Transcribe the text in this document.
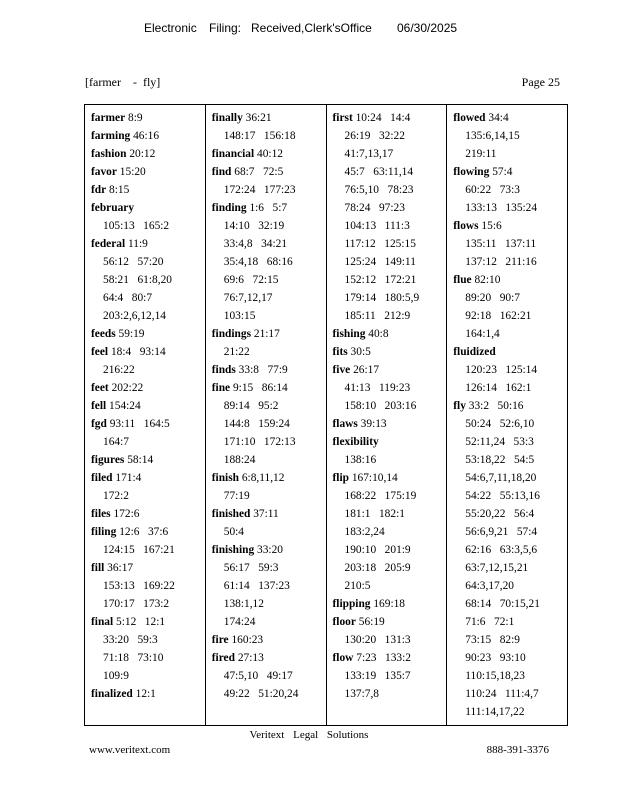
Electronic Filing: Received,Clerk'sOffice 06/30/2025
[farmer    -  fly]	Page 25
farmer 8:9
farming 46:16
fashion 20:12
favor 15:20
fdr 8:15
february
105:13   165:2
federal 11:9
56:12   57:20
58:21   61:8,20
64:4   80:7
203:2,6,12,14
feeds 59:19
feel 18:4   93:14
216:22
feet 202:22
fell 154:24
fgd 93:11   164:5
164:7
figures 58:14
filed 171:4
172:2
files 172:6
filing 12:6   37:6
124:15   167:21
fill 36:17
153:13   169:22
170:17   173:2
final 5:12   12:1
33:20   59:3
71:18   73:10
109:9
finalized 12:1
finally 36:21
148:17   156:18
financial 40:12
find 68:7   72:5
172:24   177:23
finding 1:6   5:7
14:10   32:19
33:4,8   34:21
35:4,18   68:16
69:6   72:15
76:7,12,17
103:15
findings 21:17
21:22
finds 33:8   77:9
fine 9:15   86:14
89:14   95:2
144:8   159:24
171:10   172:13
188:24
finish 6:8,11,12
77:19
finished 37:11
50:4
finishing 33:20
56:17   59:3
61:14   137:23
138:1,12
174:24
fire 160:23
fired 27:13
47:5,10   49:17
49:22   51:20,24
first 10:24   14:4
26:19   32:22
41:7,13,17
45:7   63:11,14
76:5,10   78:23
78:24   97:23
104:13   111:3
117:12   125:15
125:24   149:11
152:12   172:21
179:14   180:5,9
185:11   212:9
fishing 40:8
fits 30:5
five 26:17
41:13   119:23
158:10   203:16
flaws 39:13
flexibility
138:16
flip 167:10,14
168:22   175:19
181:1   182:1
183:2,24
190:10   201:9
203:18   205:9
210:5
flipping 169:18
floor 56:19
130:20   131:3
flow 7:23   133:2
133:19   135:7
137:7,8
flowed 34:4
135:6,14,15
219:11
flowing 57:4
60:22   73:3
133:13   135:24
flows 15:6
135:11   137:11
137:12   211:16
flue 82:10
89:20   90:7
92:18   162:21
164:1,4
fluidized
120:23   125:14
126:14   162:1
fly 33:2   50:16
50:24   52:6,10
52:11,24   53:3
53:18,22   54:5
54:6,7,11,18,20
54:22   55:13,16
55:20,22   56:4
56:6,9,21   57:4
62:16   63:3,5,6
63:7,12,15,21
64:3,17,20
68:14   70:15,21
71:6   72:1
73:15   82:9
90:23   93:10
110:15,18,23
110:24   111:4,7
111:14,17,22
Veritext Legal Solutions
www.veritext.com	888-391-3376
